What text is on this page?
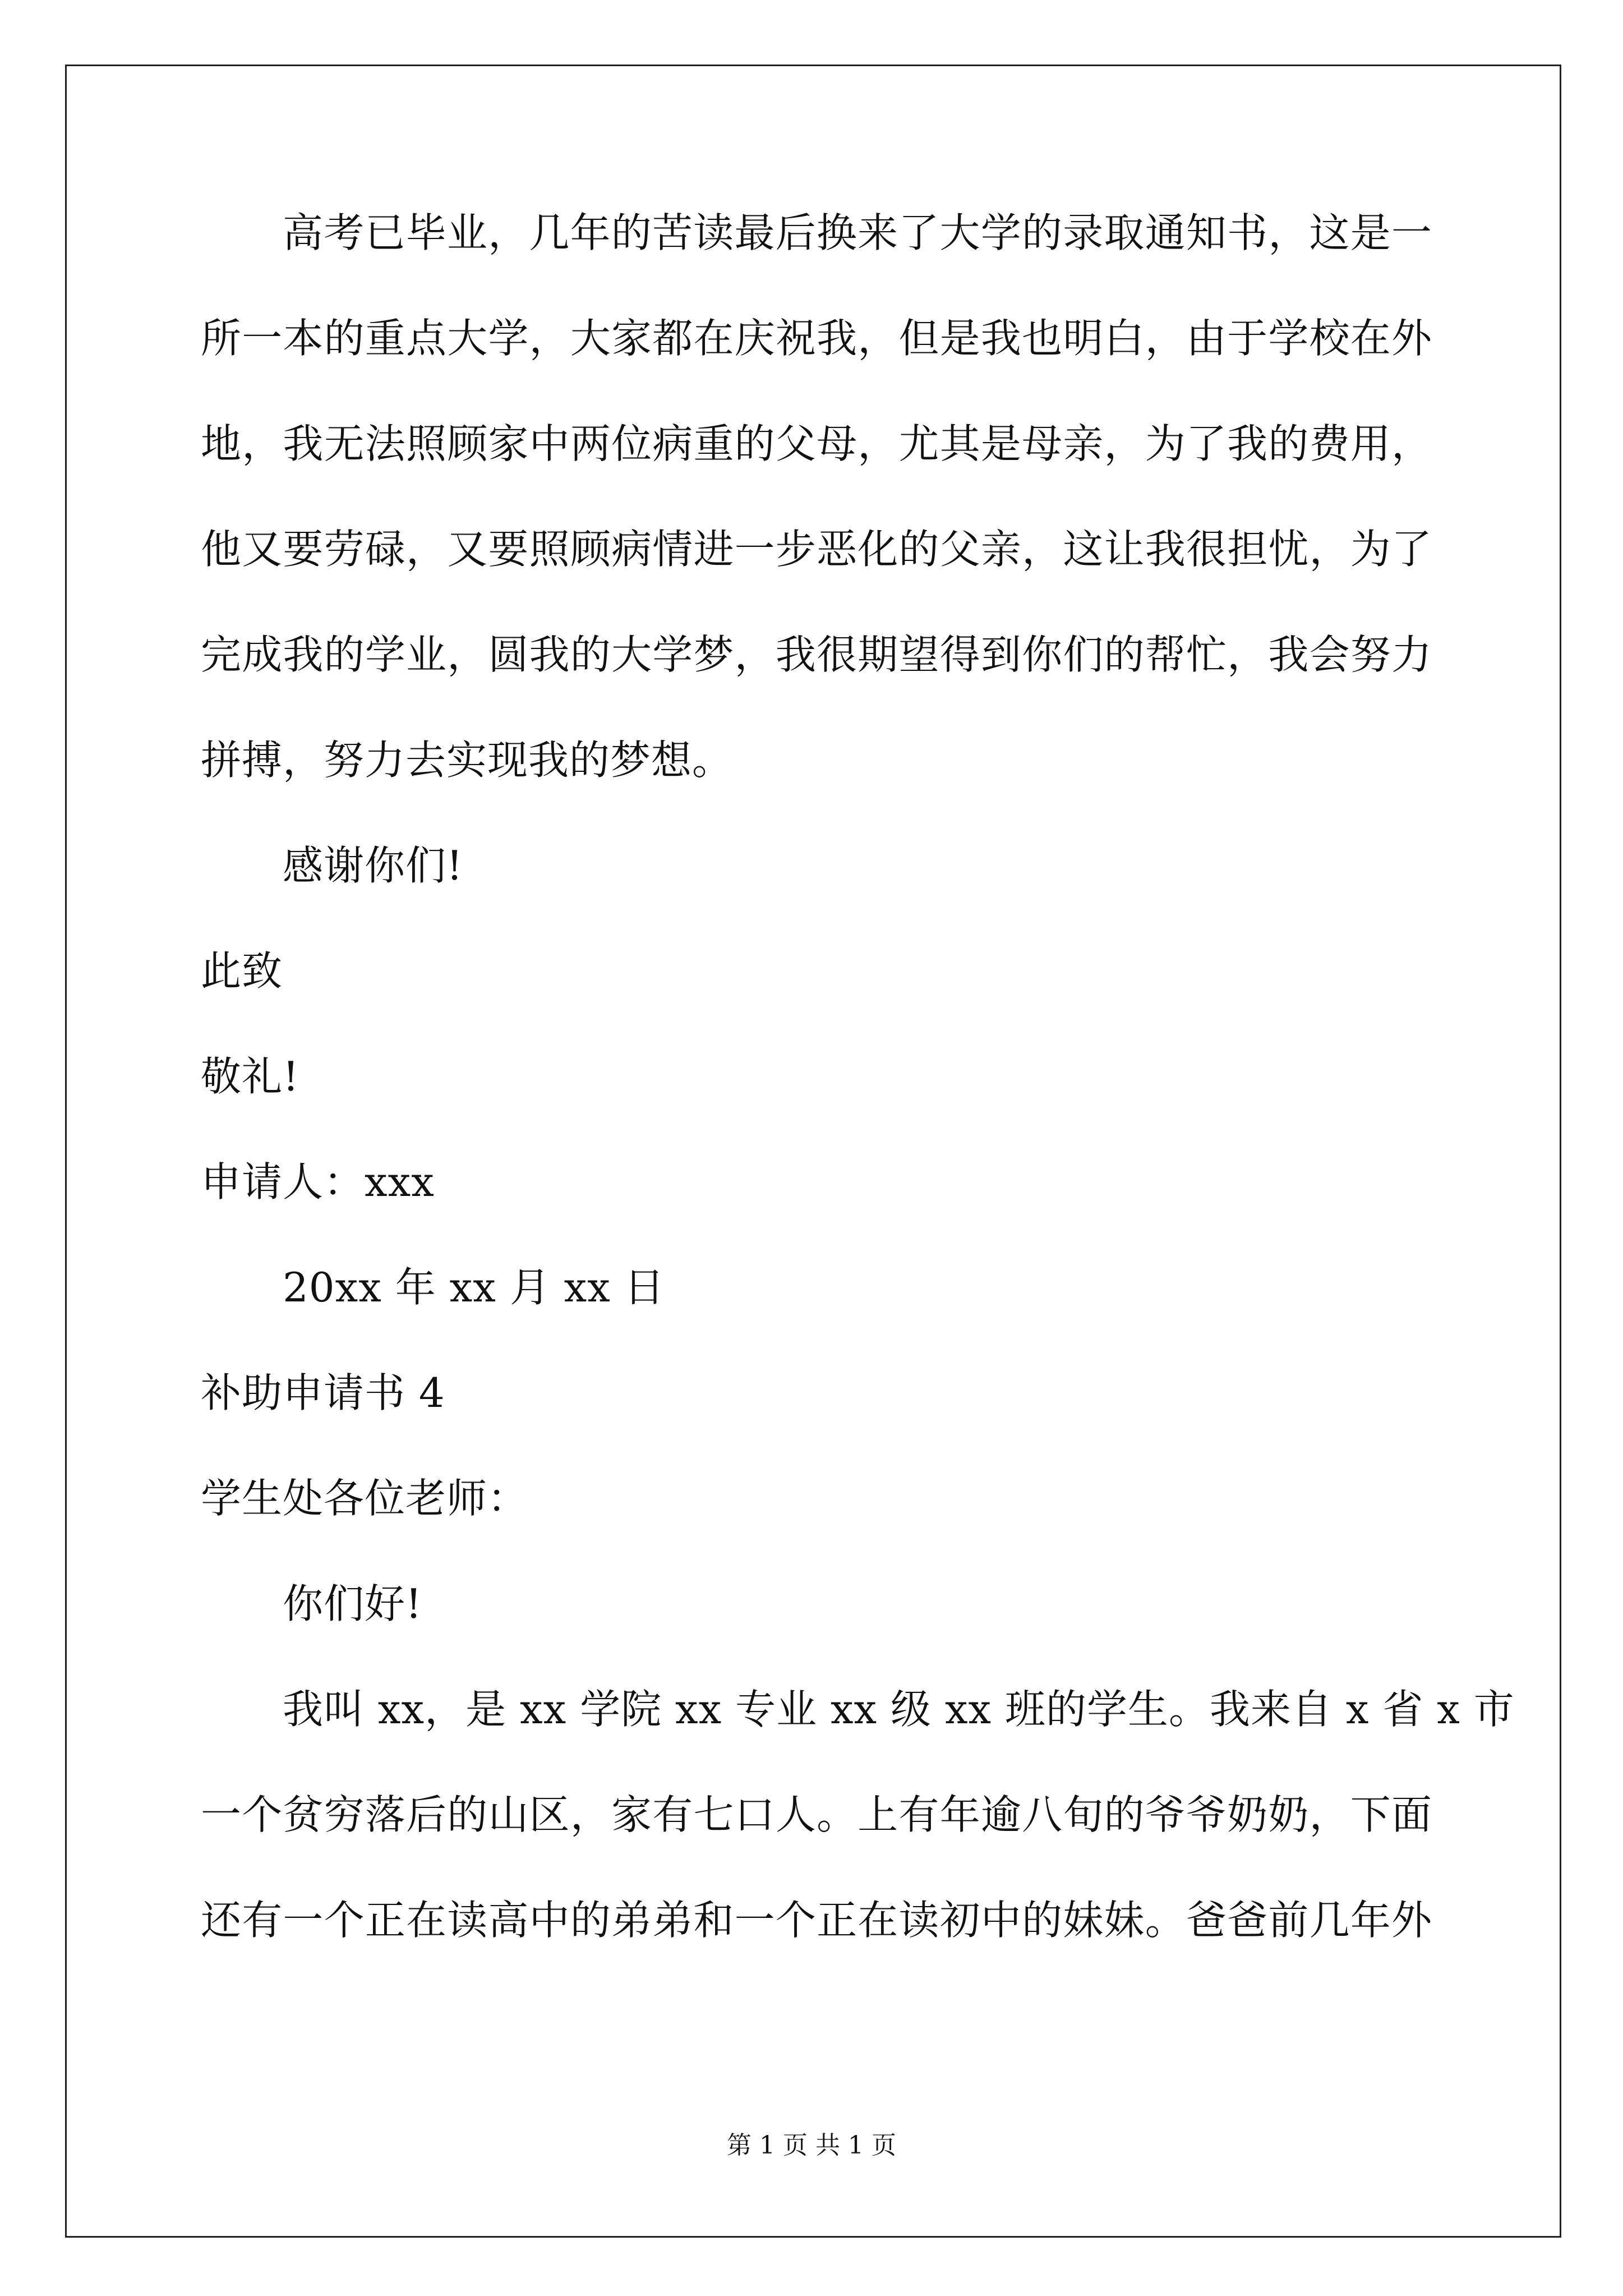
高考已毕业，几年的苦读最后换来了大学的录取通知书，这是一
所一本的重点大学，大家都在庆祝我，但是我也明白，由于学校在外
地，我无法照顾家中两位病重的父母，尤其是母亲，为了我的费用，
他又要劳碌，又要照顾病情进一步恶化的父亲，这让我很担忧，为了
完成我的学业，圆我的大学梦，我很期望得到你们的帮忙，我会努力
拼搏，努力去实现我的梦想。
感谢你们!
此致
敬礼!
申请人：xxx
20xx 年 xx 月 xx 日
补助申请书 4
学生处各位老师：
你们好!
我叫 xx，是 xx 学院 xx 专业 xx 级 xx 班的学生。我来自 x 省 x 市
一个贫穷落后的山区，家有七口人。上有年逾八旬的爷爷奶奶，下面
还有一个正在读高中的弟弟和一个正在读初中的妹妹。爸爸前几年外
第 1 页 共 1 页
